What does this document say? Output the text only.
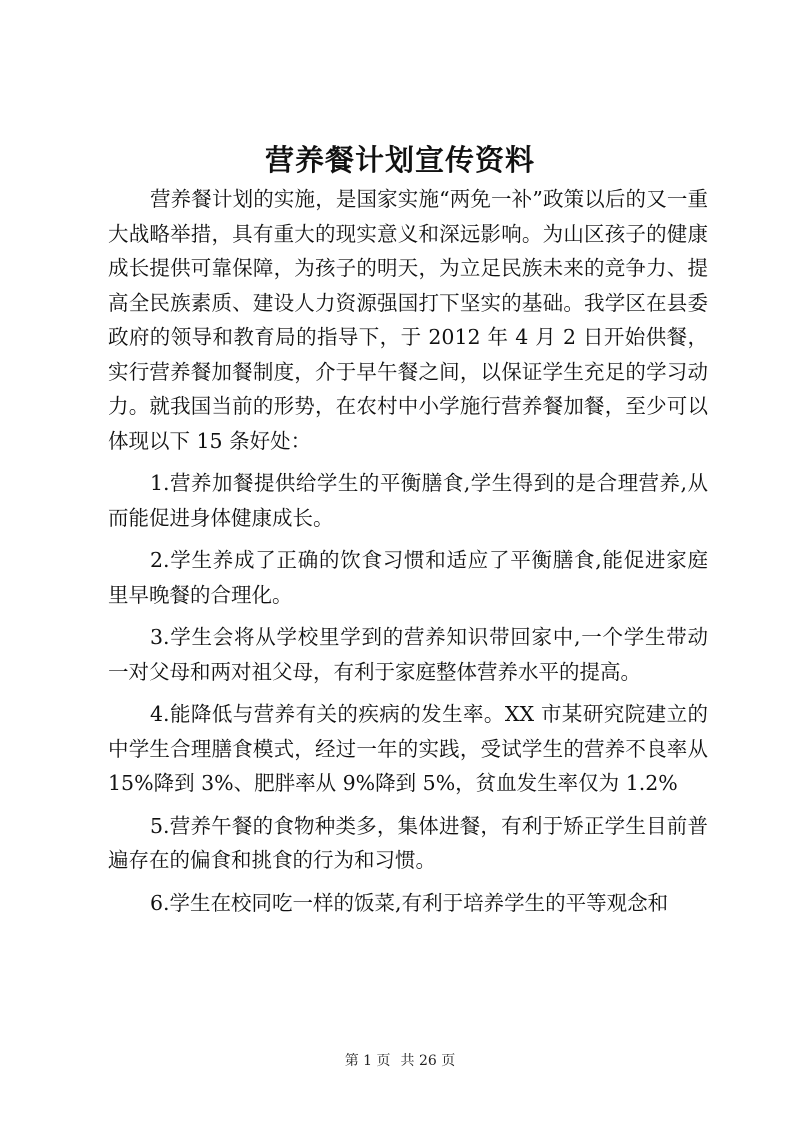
营养餐计划宣传资料

营养餐计划的实施，是国家实施“两免一补”政策以后的又一重大战略举措，具有重大的现实意义和深远影响。为山区孩子的健康成长提供可靠保障，为孩子的明天，为立足民族未来的竞争力、提高全民族素质、建设人力资源强国打下坚实的基础。我学区在县委政府的领导和教育局的指导下，于 2012 年 4 月 2 日开始供餐，实行营养餐加餐制度，介于早午餐之间，以保证学生充足的学习动力。就我国当前的形势，在农村中小学施行营养餐加餐，至少可以体现以下 15 条好处：

1.营养加餐提供给学生的平衡膳食,学生得到的是合理营养,从而能促进身体健康成长。

2.学生养成了正确的饮食习惯和适应了平衡膳食,能促进家庭里早晚餐的合理化。

3.学生会将从学校里学到的营养知识带回家中,一个学生带动一对父母和两对祖父母，有利于家庭整体营养水平的提高。

4.能降低与营养有关的疾病的发生率。XX 市某研究院建立的中学生合理膳食模式，经过一年的实践，受试学生的营养不良率从 15%降到 3%、肥胖率从 9%降到 5%，贫血发生率仅为 1.2%

5.营养午餐的食物种类多，集体进餐，有利于矫正学生目前普遍存在的偏食和挑食的行为和习惯。

6.学生在校同吃一样的饭菜,有利于培养学生的平等观念和

第 1 页 共 26 页
